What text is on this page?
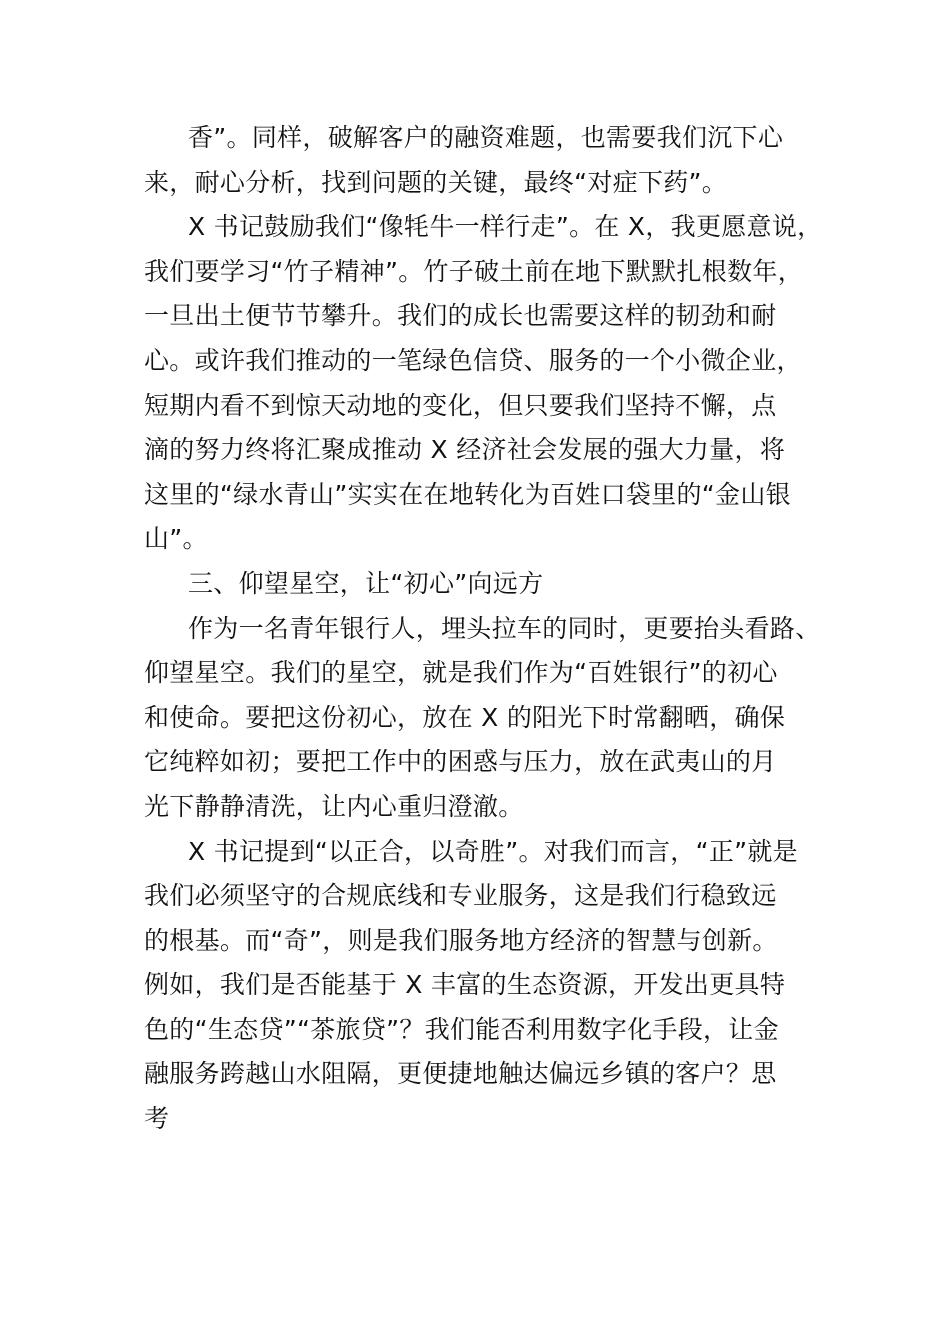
香”。同样，破解客户的融资难题，也需要我们沉下心
来，耐心分析，找到问题的关键，最终“对症下药”。
X 书记鼓励我们“像牦牛一样行走”。在 X，我更愿意说，
我们要学习“竹子精神”。竹子破土前在地下默默扎根数年，
一旦出土便节节攀升。我们的成长也需要这样的韧劲和耐
心。或许我们推动的一笔绿色信贷、服务的一个小微企业，
短期内看不到惊天动地的变化，但只要我们坚持不懈，点
滴的努力终将汇聚成推动 X 经济社会发展的强大力量，将
这里的“绿水青山”实实在在地转化为百姓口袋里的“金山银
山”。
三、仰望星空，让“初心”向远方
作为一名青年银行人，埋头拉车的同时，更要抬头看路、
仰望星空。我们的星空，就是我们作为“百姓银行”的初心
和使命。要把这份初心，放在 X 的阳光下时常翻晒，确保
它纯粹如初；要把工作中的困惑与压力，放在武夷山的月
光下静静清洗，让内心重归澄澈。
X 书记提到“以正合，以奇胜”。对我们而言，“正”就是
我们必须坚守的合规底线和专业服务，这是我们行稳致远
的根基。而“奇”，则是我们服务地方经济的智慧与创新。
例如，我们是否能基于 X 丰富的生态资源，开发出更具特
色的“生态贷”“茶旅贷”？我们能否利用数字化手段，让金
融服务跨越山水阻隔，更便捷地触达偏远乡镇的客户？思
考
